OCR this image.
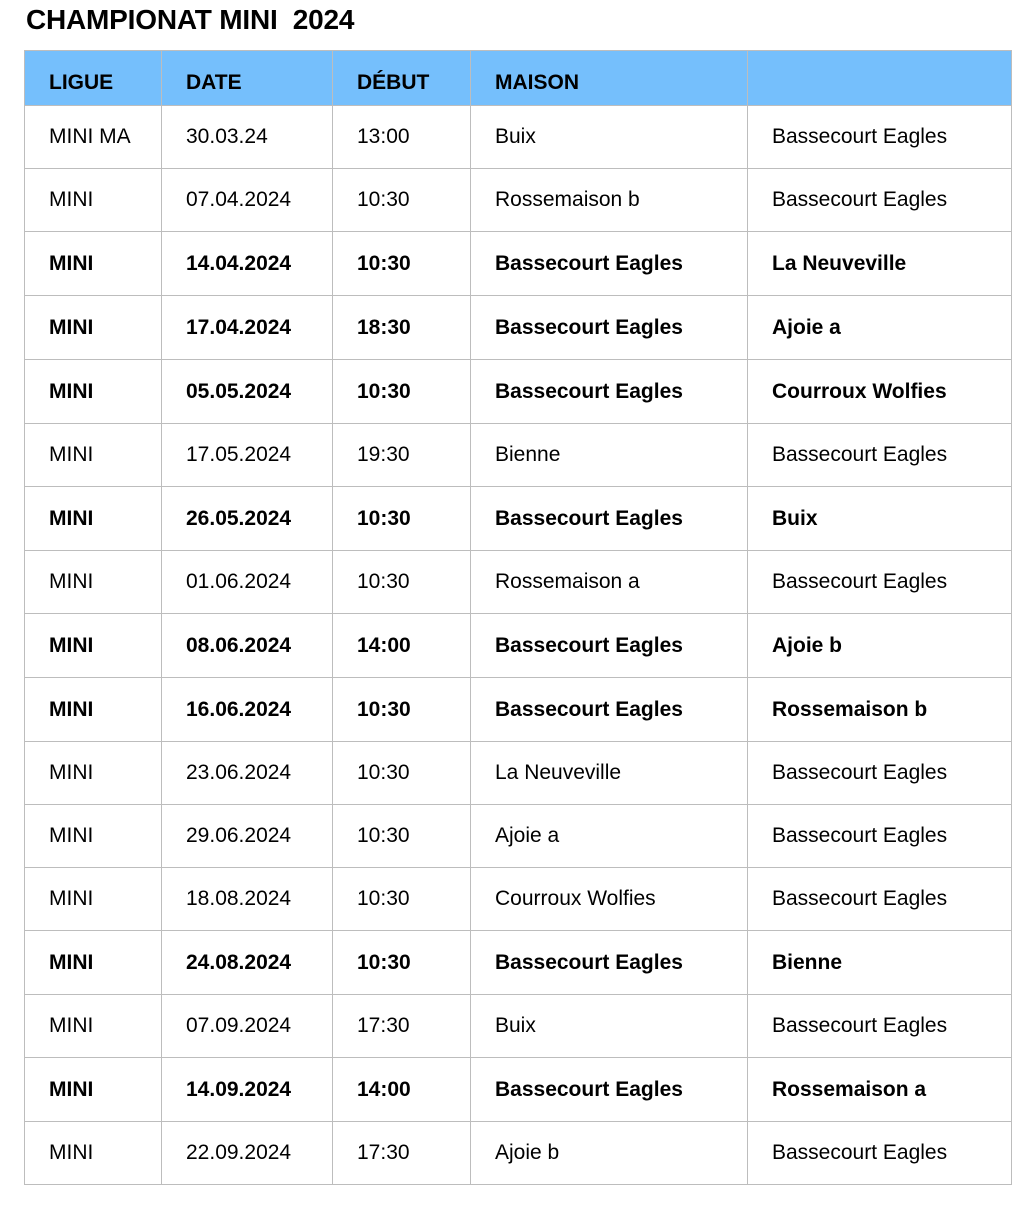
CHAMPIONAT MINI  2024
LIGUE	DATE	DÉBUT	MAISON	
MINI MA	30.03.24	13:00	Buix	Bassecourt Eagles
MINI	07.04.2024	10:30	Rossemaison b	Bassecourt Eagles
MINI	14.04.2024	10:30	Bassecourt Eagles	La Neuveville
MINI	17.04.2024	18:30	Bassecourt Eagles	Ajoie a
MINI	05.05.2024	10:30	Bassecourt Eagles	Courroux Wolfies
MINI	17.05.2024	19:30	Bienne	Bassecourt Eagles
MINI	26.05.2024	10:30	Bassecourt Eagles	Buix
MINI	01.06.2024	10:30	Rossemaison a	Bassecourt Eagles
MINI	08.06.2024	14:00	Bassecourt Eagles	Ajoie b
MINI	16.06.2024	10:30	Bassecourt Eagles	Rossemaison b
MINI	23.06.2024	10:30	La Neuveville	Bassecourt Eagles
MINI	29.06.2024	10:30	Ajoie a	Bassecourt Eagles
MINI	18.08.2024	10:30	Courroux Wolfies	Bassecourt Eagles
MINI	24.08.2024	10:30	Bassecourt Eagles	Bienne
MINI	07.09.2024	17:30	Buix	Bassecourt Eagles
MINI	14.09.2024	14:00	Bassecourt Eagles	Rossemaison a
MINI	22.09.2024	17:30	Ajoie b	Bassecourt Eagles
